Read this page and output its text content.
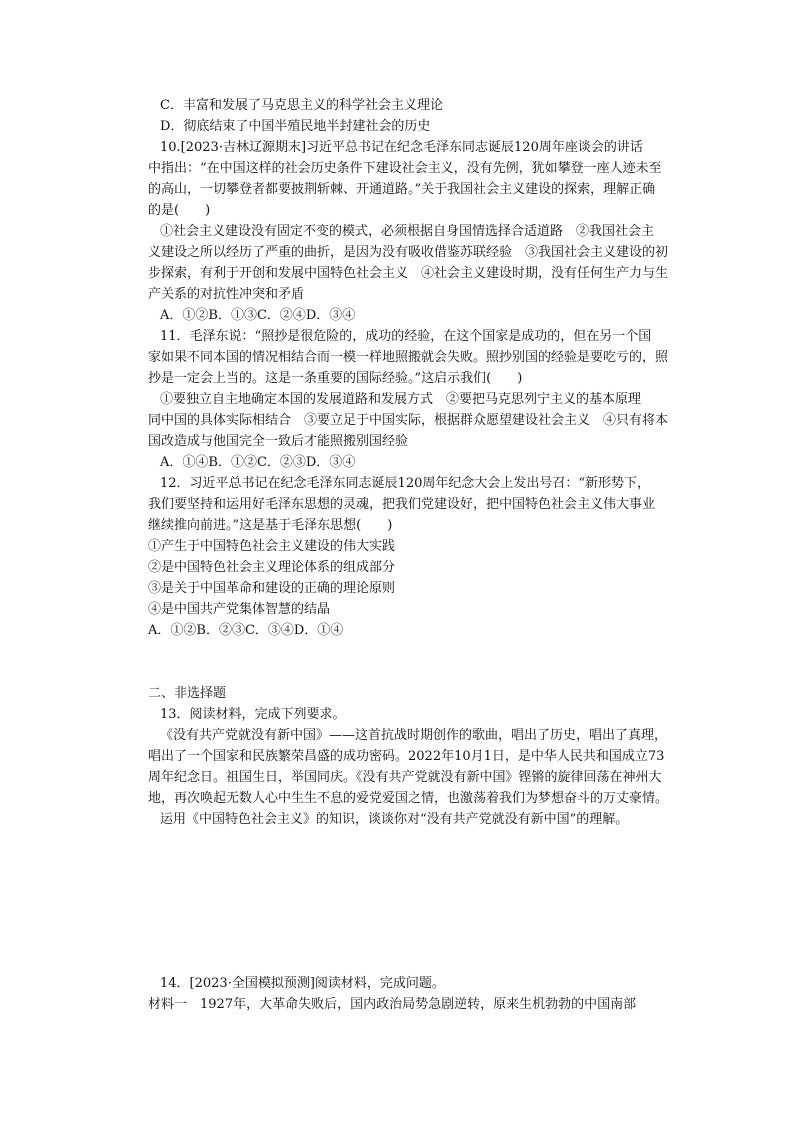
C．丰富和发展了马克思主义的科学社会主义理论
D．彻底结束了中国半殖民地半封建社会的历史
10.[2023·吉林辽源期末]习近平总书记在纪念毛泽东同志诞辰120周年座谈会的讲话
中指出：“在中国这样的社会历史条件下建设社会主义，没有先例，犹如攀登一座人迹未至
的高山，一切攀登者都要披荆斩棘、开通道路。”关于我国社会主义建设的探索，理解正确
的是(　　)
①社会主义建设没有固定不变的模式，必须根据自身国情选择合适道路　②我国社会主
义建设之所以经历了严重的曲折，是因为没有吸收借鉴苏联经验　③我国社会主义建设的初
步探索，有利于开创和发展中国特色社会主义　④社会主义建设时期，没有任何生产力与生
产关系的对抗性冲突和矛盾
A．①②B．①③C．②④D．③④
11．毛泽东说：“照抄是很危险的，成功的经验，在这个国家是成功的，但在另一个国
家如果不同本国的情况相结合而一模一样地照搬就会失败。照抄别国的经验是要吃亏的，照
抄是一定会上当的。这是一条重要的国际经验。”这启示我们(　　)
①要独立自主地确定本国的发展道路和发展方式　②要把马克思列宁主义的基本原理
同中国的具体实际相结合　③要立足于中国实际，根据群众愿望建设社会主义　④只有将本
国改造成与他国完全一致后才能照搬别国经验
A．①④B．①②C．②③D．③④
12．习近平总书记在纪念毛泽东同志诞辰120周年纪念大会上发出号召：“新形势下，
我们要坚持和运用好毛泽东思想的灵魂，把我们党建设好，把中国特色社会主义伟大事业
继续推向前进。”这是基于毛泽东思想(　　)
①产生于中国特色社会主义建设的伟大实践
②是中国特色社会主义理论体系的组成部分
③是关于中国革命和建设的正确的理论原则
④是中国共产党集体智慧的结晶
A．①②B．②③C．③④D．①④
二、非选择题
13．阅读材料，完成下列要求。
《没有共产党就没有新中国》——这首抗战时期创作的歌曲，唱出了历史，唱出了真理，
唱出了一个国家和民族繁荣昌盛的成功密码。2022年10月1日，是中华人民共和国成立73
周年纪念日。祖国生日，举国同庆。《没有共产党就没有新中国》铿锵的旋律回荡在神州大
地，再次唤起无数人心中生生不息的爱党爱国之情，也激荡着我们为梦想奋斗的万丈豪情。
运用《中国特色社会主义》的知识，谈谈你对“没有共产党就没有新中国”的理解。
14．[2023·全国模拟预测]阅读材料，完成问题。
材料一　1927年，大革命失败后，国内政治局势急剧逆转，原来生机勃勃的中国南部
